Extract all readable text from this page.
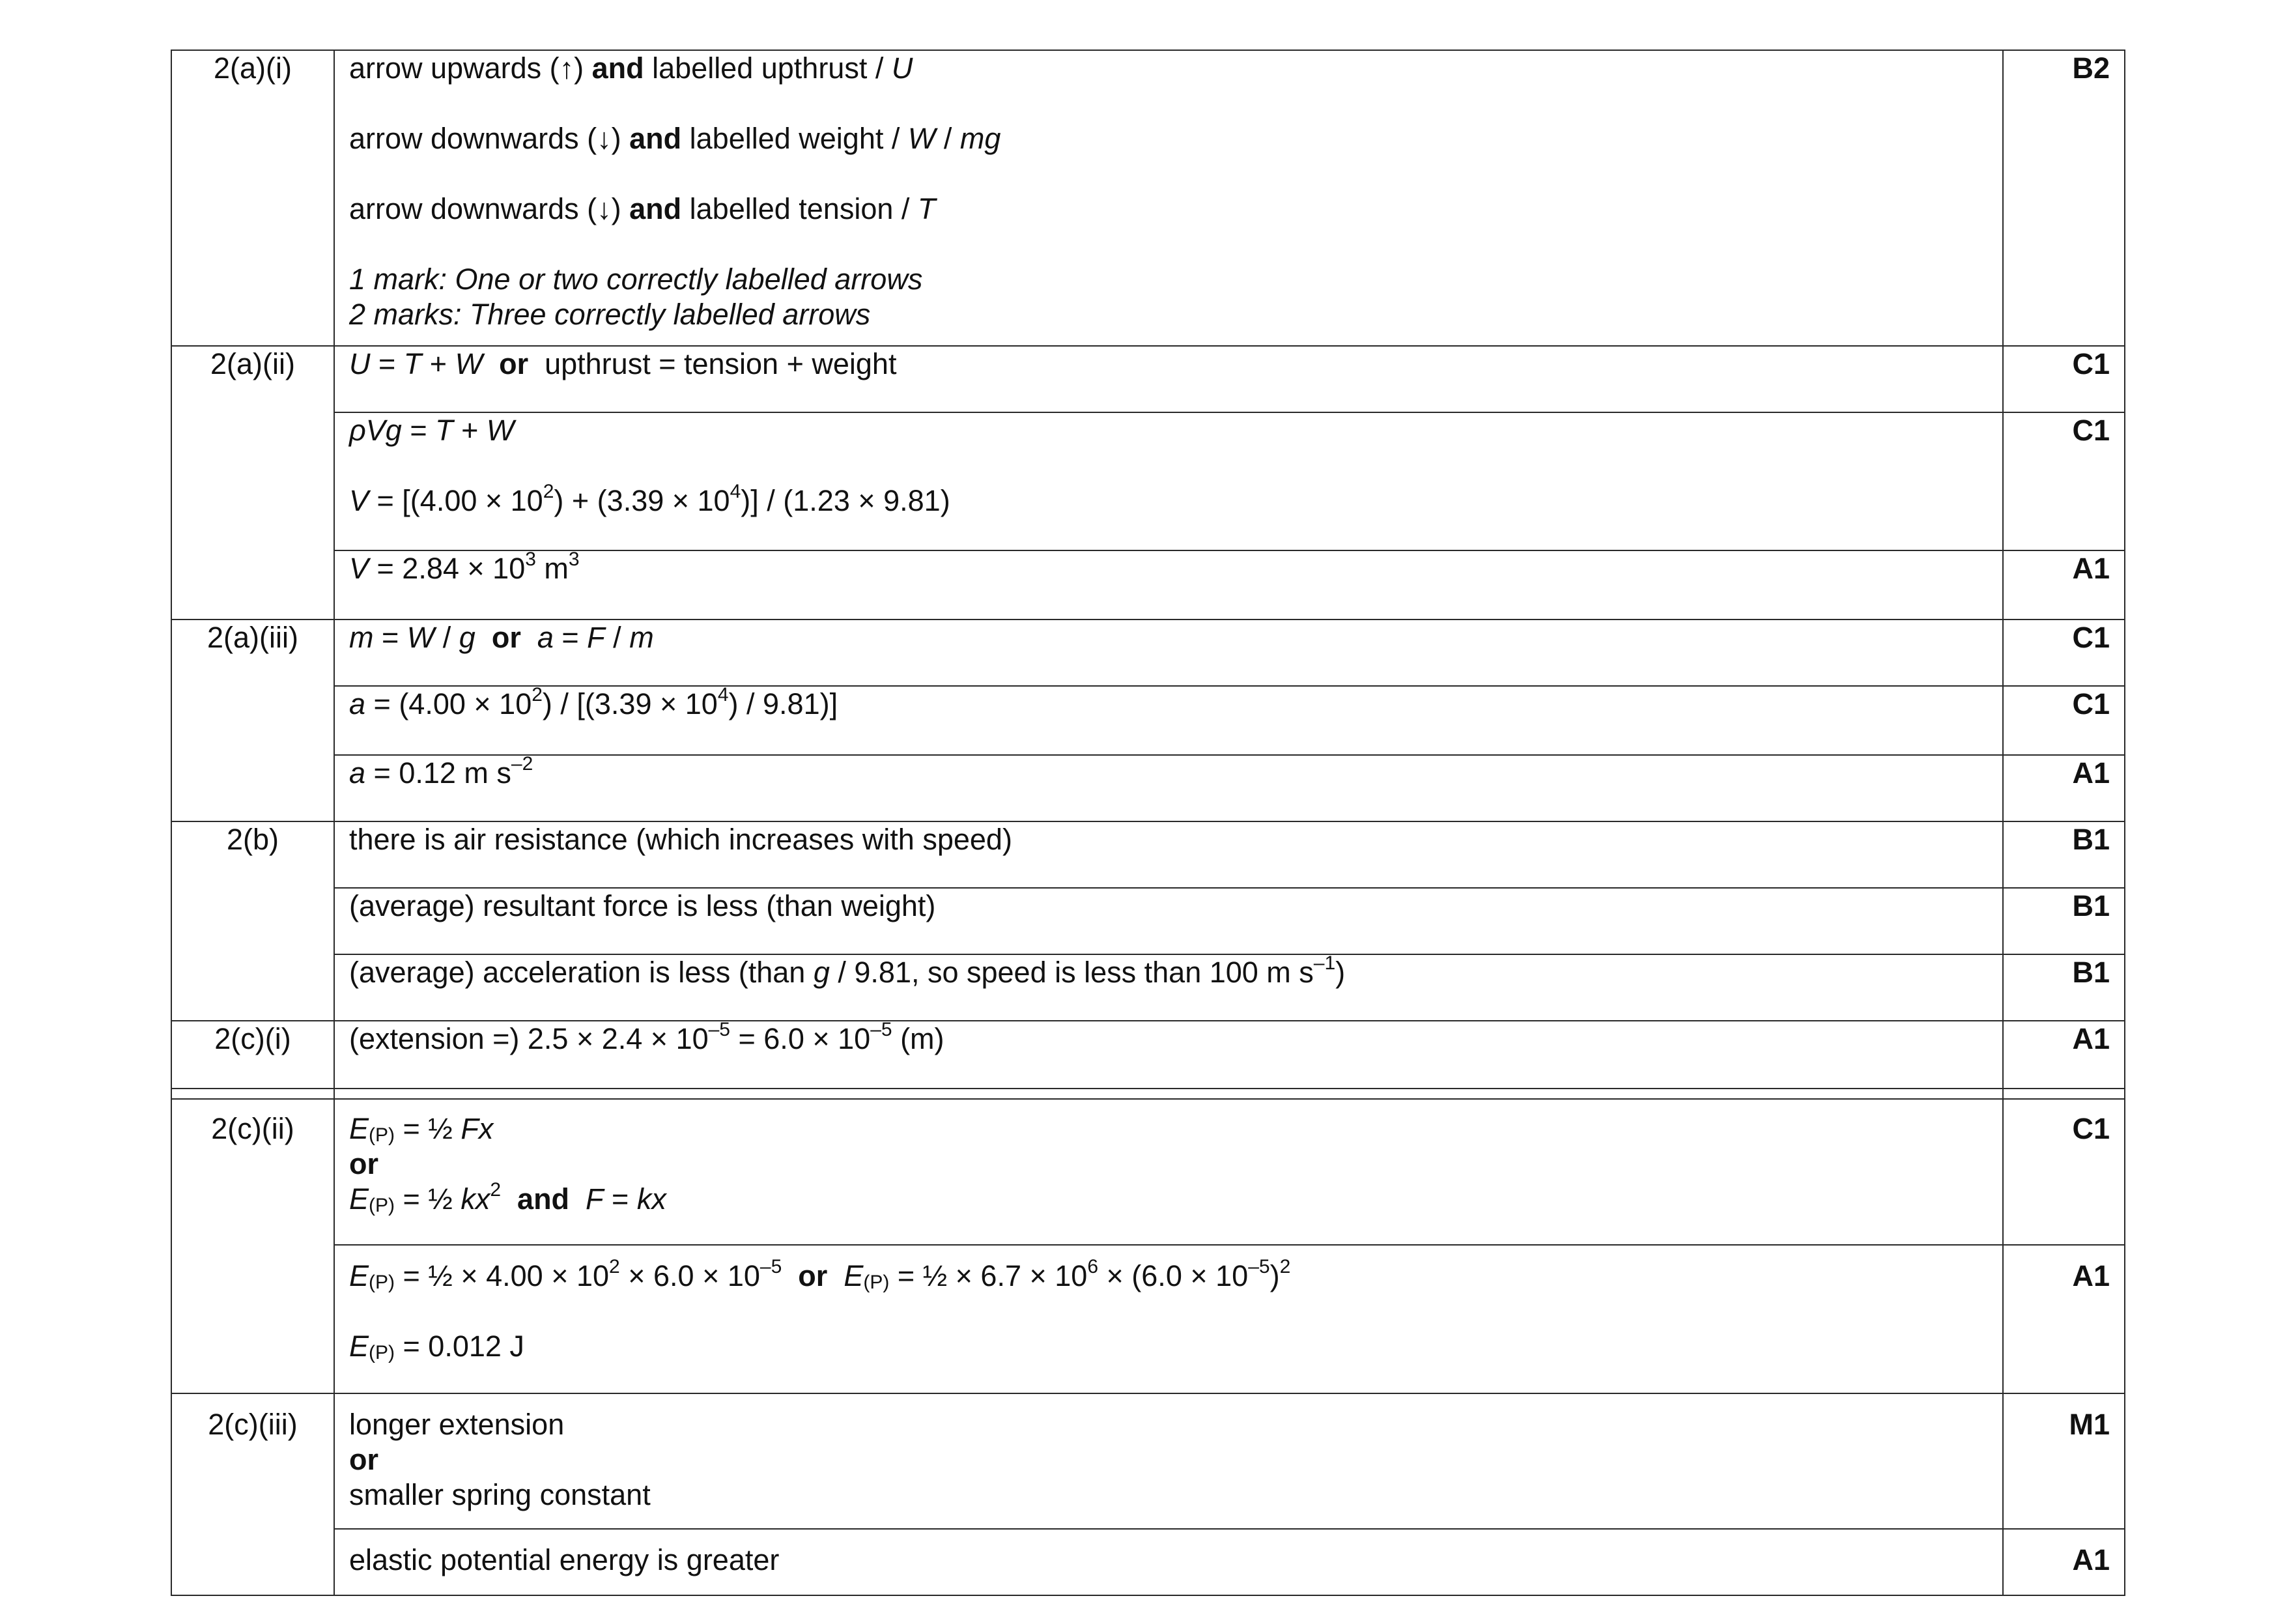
2(a)(i)	arrow upwards (↑) and labelled upthrust / U
arrow downwards (↓) and labelled weight / W / mg
arrow downwards (↓) and labelled tension / T
1 mark: One or two correctly labelled arrows
2 marks: Three correctly labelled arrows	B2
2(a)(ii)	U = T + W  or  upthrust = tension + weight	C1

	ρVg = T + W
$V = [(4.00 \times 10^2) + (3.39 \times 10^4)] / (1.23 \times 9.81)$	C1
	$V = 2.84 \times 10^3$ $m^3$	A1
2(a)(iii)	m = W / g  or  a = F / m	C1
	$a = (4.00 \times 10^2) / [(3.39 \times 10^4) / 9.81)$]	C1
	a = 0.12 m $s^{-2}$	A1
2(b)	there is air resistance (which increases with speed)	B1
	(average) resultant force is less (than weight)	B1
	(average) acceleration is less (than g / 9.81, so speed is less than 100 m $s^{-1}$)	B1
2(c)(i)	(extension =) $2.5 \times 2.4 \times 10^{-5} = 6.0 \times 10^{-5}$ (m)	A1

2(c)(ii)	$E_{(P)}$ = ½ Fx
or
$E_{(P)}$ = ½ $kx^2$  and  F = kx	C1

	$E_{(P)}$ = ½ × $4.00 \times 10^2 \times 6.0 \times 10^{-5}$  or  $E_{(P)}$ = ½ × $6.7 \times 10^6 \times (6.0 \times 10^{-5})^2$
$E_{(P)} = 0.012$ J	A1
2(c)(iii)	longer extension
or
smaller spring constant	M1
	elastic potential energy is greater	A1
